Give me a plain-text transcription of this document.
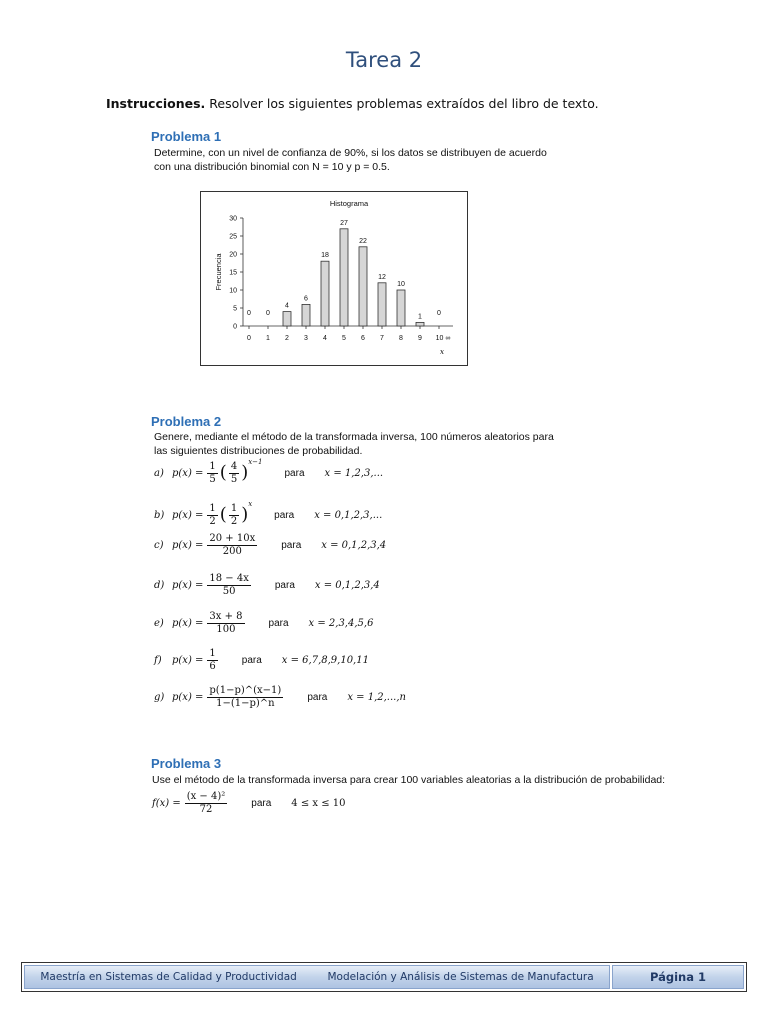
Tarea 2
Instrucciones. Resolver los siguientes problemas extraídos del libro de texto.
Problema 1
Determine, con un nivel de confianza de 90%, si los datos se distribuyen de acuerdo
con una distribución binomial con N = 10 y p = 0.5.
Histograma
Frecuencia
x
0
5
10
15
20
25
30
0
0
1
0
2
4
3
6
4
18
5
27
6
22
7
12
8
10
9
1
10 ∞
0
Problema 2
Genere, mediante el método de la transformada inversa, 100 números aleatorios para
las siguientes distribuciones de probabilidad.
a) $p(x) = \frac{1}{5}$ ( $\frac{4}{5} )^{x-1}$
para x = 1,2,3,...
b) $p(x) = \frac{1}{2}$ ( $\frac{1}{2} )^x$
para x = 0,1,2,3,...
c) $p(x) = \frac{20 + 10x}{200}$ para x = 0,1,2,3,4
d) $p(x) = \frac{18 - 4x}{50}$ para x = 0,1,2,3,4
e) $p(x) = \frac{3x + 8}{100}$ para x = 2,3,4,5,6
f)	$p(x) = \frac{1}{6}$ para x = 6,7,8,9,10,11
g) $p(x) = \frac{p(1-p)\^{}(x-1)}{1-(1-p)\^{}n}$ para x = 1,2,...,n
Problema 3
Use el método de la transformada inversa para crear 100 variables aleatorias a la distribución de probabilidad:
$f(x) = \frac{\text{(x − 4)²}}{72}$ para 4 ≤ x ≤ 10
Maestría en Sistemas de Calidad y Productividad	Modelación y Análisis de Sistemas de Manufactura	Página 1
